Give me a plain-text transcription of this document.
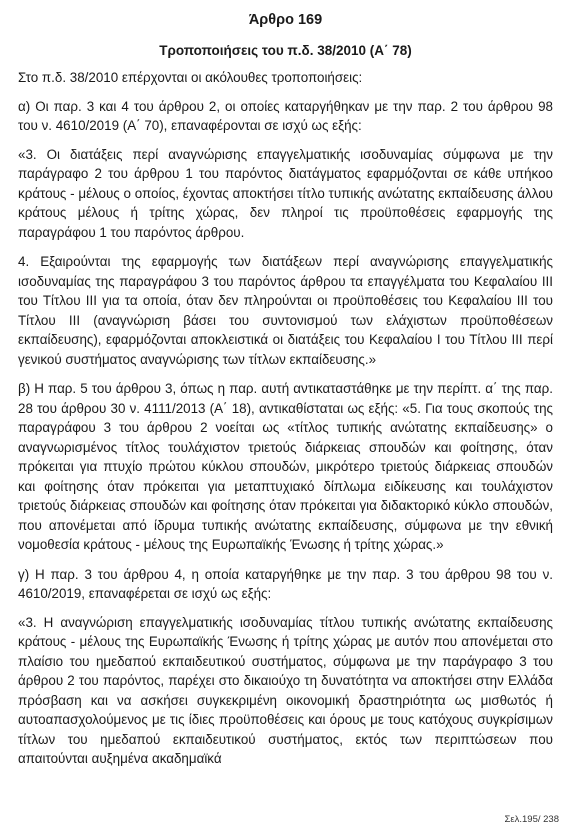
Άρθρο 169
Τροποποιήσεις του π.δ. 38/2010 (Α΄ 78)

Στο π.δ. 38/2010 επέρχονται οι ακόλουθες τροποποιήσεις:

α) Οι παρ. 3 και 4 του άρθρου 2, οι οποίες καταργήθηκαν με την παρ. 2 του άρθρου 98 του ν. 4610/2019 (Α΄ 70), επαναφέρονται σε ισχύ ως εξής:

«3. Οι διατάξεις περί αναγνώρισης επαγγελματικής ισοδυναμίας σύμφωνα με την παράγραφο 2 του άρθρου 1 του παρόντος διατάγματος εφαρμόζονται σε κάθε υπήκοο κράτους - μέλους ο οποίος, έχοντας αποκτήσει τίτλο τυπικής ανώτατης εκπαίδευσης άλλου κράτους μέλους ή τρίτης χώρας, δεν πληροί τις προϋποθέσεις εφαρμογής της παραγράφου 1 του παρόντος άρθρου.

4. Εξαιρούνται της εφαρμογής των διατάξεων περί αναγνώρισης επαγγελματικής ισοδυναμίας της παραγράφου 3 του παρόντος άρθρου τα επαγγέλματα του Κεφαλαίου ΙΙΙ του Τίτλου ΙΙΙ για τα οποία, όταν δεν πληρούνται οι προϋποθέσεις του Κεφαλαίου ΙΙΙ του Τίτλου ΙΙΙ (αναγνώριση βάσει του συντονισμού των ελάχιστων προϋποθέσεων εκπαίδευσης), εφαρμόζονται αποκλειστικά οι διατάξεις του Κεφαλαίου Ι του Τίτλου ΙΙΙ περί γενικού συστήματος αναγνώρισης των τίτλων εκπαίδευσης.»

β) Η παρ. 5 του άρθρου 3, όπως η παρ. αυτή αντικαταστάθηκε με την περίπτ. α΄ της παρ. 28 του άρθρου 30 ν. 4111/2013 (Α΄ 18), αντικαθίσταται ως εξής: «5. Για τους σκοπούς της παραγράφου 3 του άρθρου 2 νοείται ως «τίτλος τυπικής ανώτατης εκπαίδευσης» ο αναγνωρισμένος τίτλος τουλάχιστον τριετούς διάρκειας σπουδών και φοίτησης, όταν πρόκειται για πτυχίο πρώτου κύκλου σπουδών, μικρότερο τριετούς διάρκειας σπουδών και φοίτησης όταν πρόκειται για μεταπτυχιακό δίπλωμα ειδίκευσης και τουλάχιστον τριετούς διάρκειας σπουδών και φοίτησης όταν πρόκειται για διδακτορικό κύκλο σπουδών, που απονέμεται από ίδρυμα τυπικής ανώτατης εκπαίδευσης, σύμφωνα με την εθνική νομοθεσία κράτους - μέλους της Ευρωπαϊκής Ένωσης ή τρίτης χώρας.»

γ) Η παρ. 3 του άρθρου 4, η οποία καταργήθηκε με την παρ. 3 του άρθρου 98 του ν. 4610/2019, επαναφέρεται σε ισχύ ως εξής:

«3. Η αναγνώριση επαγγελματικής ισοδυναμίας τίτλου τυπικής ανώτατης εκπαίδευσης κράτους - μέλους της Ευρωπαϊκής Ένωσης ή τρίτης χώρας με αυτόν που απονέμεται στο πλαίσιο του ημεδαπού εκπαιδευτικού συστήματος, σύμφωνα με την παράγραφο 3 του άρθρου 2 του παρόντος, παρέχει στο δικαιούχο τη δυνατότητα να αποκτήσει στην Ελλάδα πρόσβαση και να ασκήσει συγκεκριμένη οικονομική δραστηριότητα ως μισθωτός ή αυτοαπασχολούμενος με τις ίδιες προϋποθέσεις και όρους με τους κατόχους συγκρίσιμων τίτλων του ημεδαπού εκπαιδευτικού συστήματος, εκτός των περιπτώσεων που απαιτούνται αυξημένα ακαδημαϊκά

Σελ.195/ 238
